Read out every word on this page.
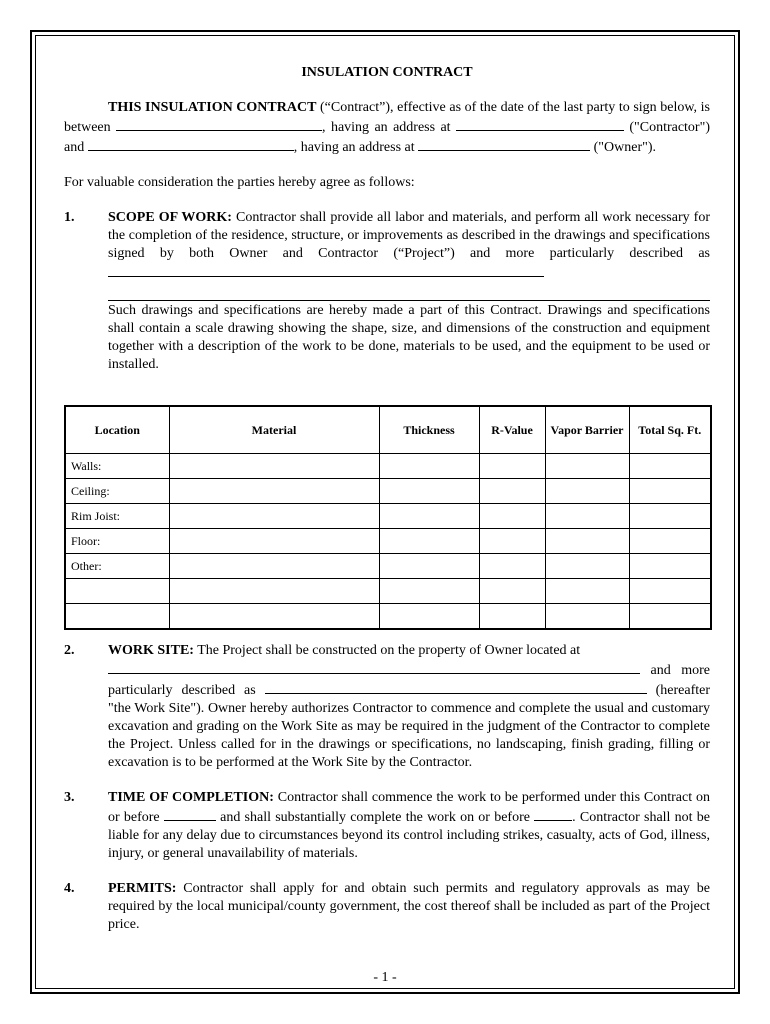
INSULATION CONTRACT

THIS INSULATION CONTRACT (“Contract”), effective as of the date of the last party to sign below, is between	, having an address at	("Contractor") and	, having an address at	("Owner").
For valuable consideration the parties hereby agree as follows:
1. SCOPE OF WORK: Contractor shall provide all labor and materials, and perform all work necessary for the completion of the residence, structure, or improvements as described in the drawings and specifications signed by both Owner and Contractor (“Project”) and more particularly described as
Such drawings and specifications are hereby made a part of this Contract. Drawings and specifications shall contain a scale drawing showing the shape, size, and dimensions of the construction and equipment together with a description of the work to be done, materials to be used, and the equipment to be used or installed.
Location	Material	Thickness	R-Value	Vapor Barrier	Total Sq. Ft.
Walls:					
Ceiling:					
Rim Joist:					
Floor:					
Other:					

2. WORK SITE: The Project shall be constructed on the property of Owner located at
and more particularly described as	(hereafter "the Work Site"). Owner hereby authorizes Contractor to commence and complete the usual and customary excavation and grading on the Work Site as may be required in the judgment of the Contractor to complete the Project. Unless called for in the drawings or specifications, no landscaping, finish grading, filling or excavation is to be performed at the Work Site by the Contractor.
3. TIME OF COMPLETION: Contractor shall commence the work to be performed under this Contract on or before	and shall substantially complete the work on or before	. Contractor shall not be liable for any delay due to circumstances beyond its control including strikes, casualty, acts of God, illness, injury, or general unavailability of materials.
4. PERMITS: Contractor shall apply for and obtain such permits and regulatory approvals as may be required by the local municipal/county government, the cost thereof shall be included as part of the Project price.
- 1 -
